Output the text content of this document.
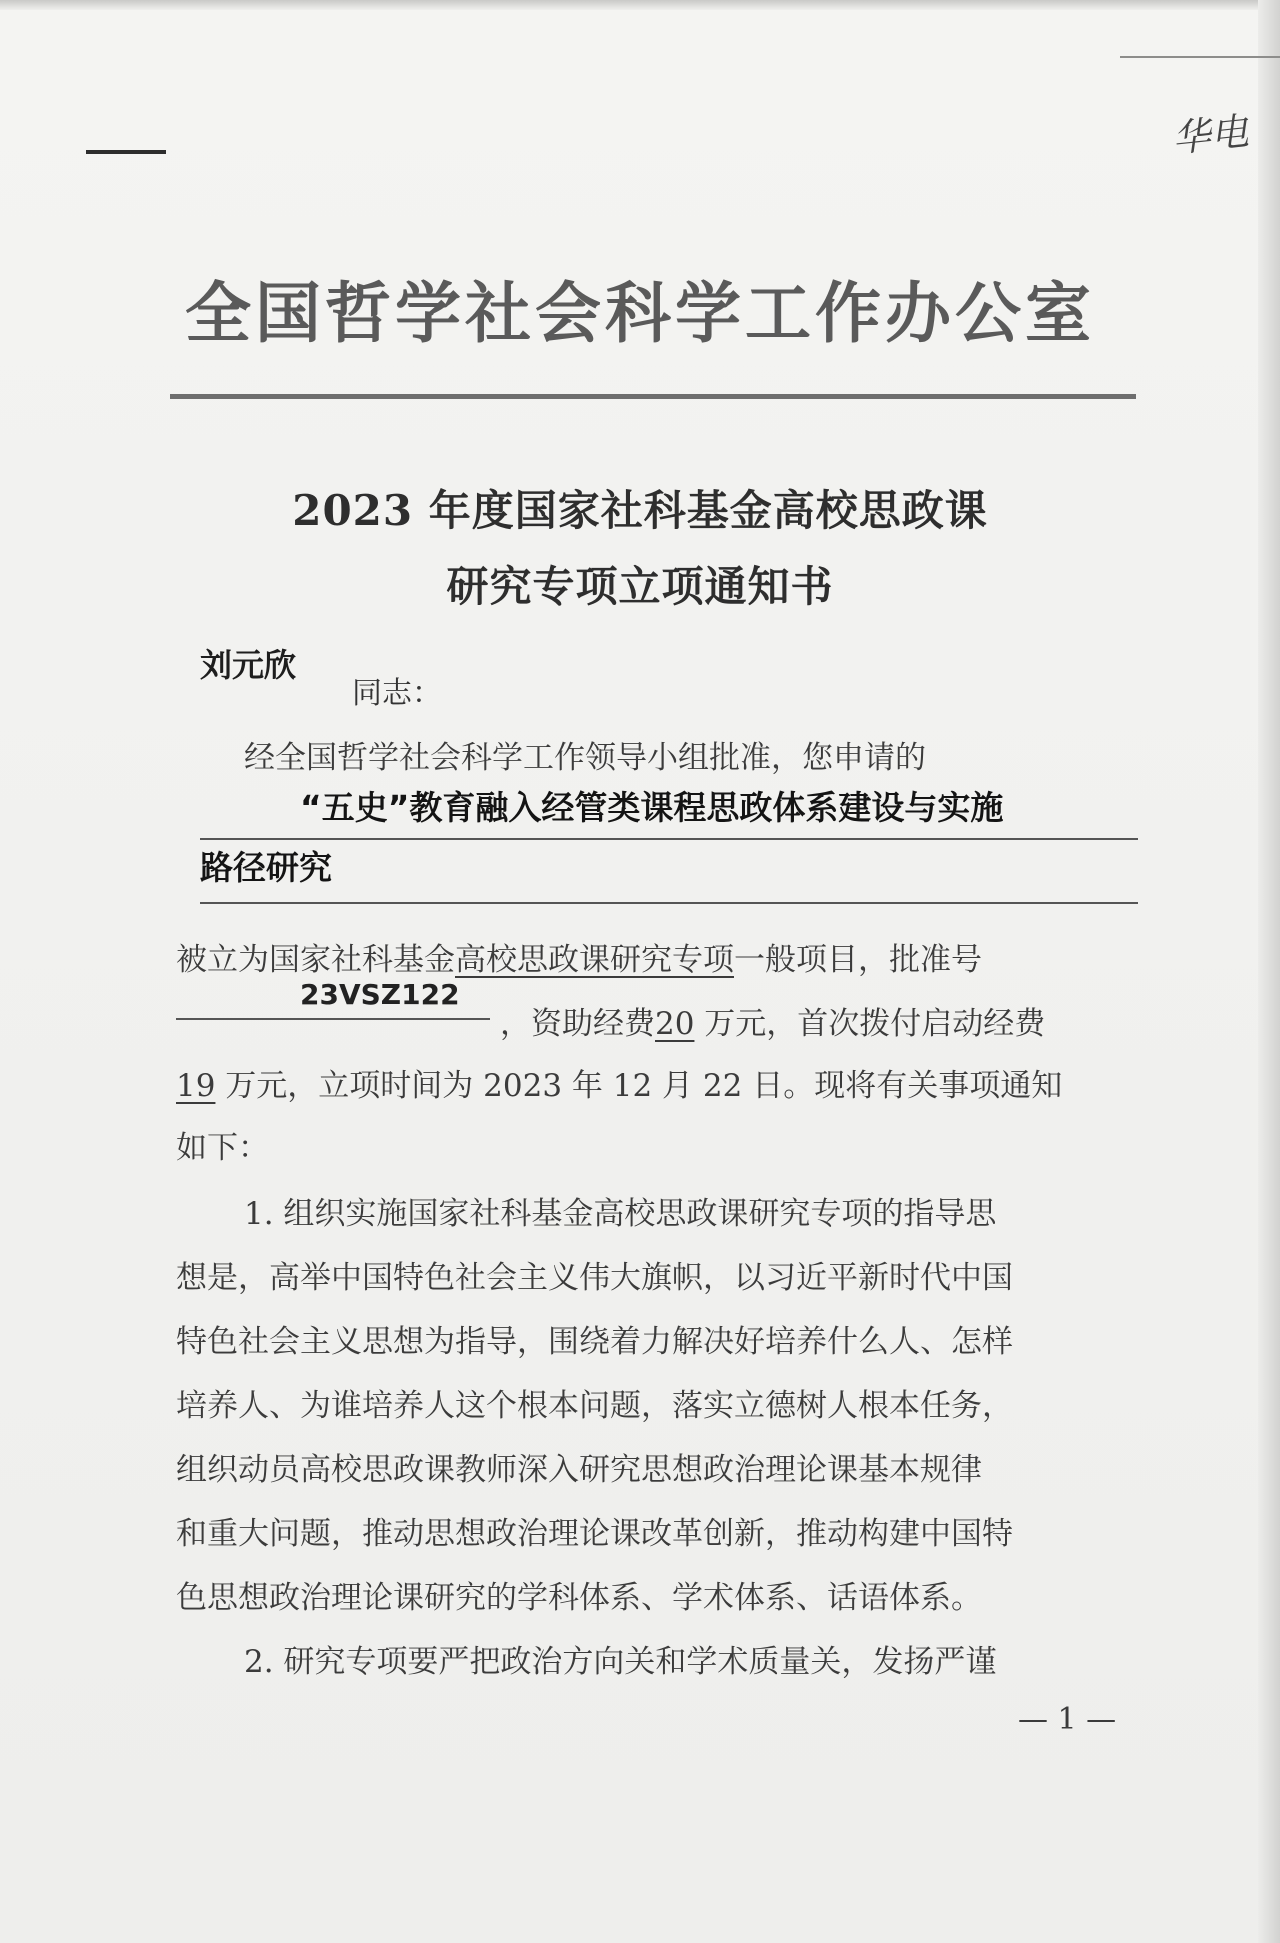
华电
全国哲学社会科学工作办公室
2023 年度国家社科基金高校思政课
研究专项立项通知书
刘元欣
同志：
经全国哲学社会科学工作领导小组批准，您申请的
“五史”教育融入经管类课程思政体系建设与实施
路径研究
被立为国家社科基金高校思政课研究专项一般项目，批准号
23VSZ122
，资助经费20 万元，首次拨付启动经费
19 万元，立项时间为 2023 年 12 月 22 日。现将有关事项通知
如下：
1. 组织实施国家社科基金高校思政课研究专项的指导思
想是，高举中国特色社会主义伟大旗帜，以习近平新时代中国
特色社会主义思想为指导，围绕着力解决好培养什么人、怎样
培养人、为谁培养人这个根本问题，落实立德树人根本任务，
组织动员高校思政课教师深入研究思想政治理论课基本规律
和重大问题，推动思想政治理论课改革创新，推动构建中国特
色思想政治理论课研究的学科体系、学术体系、话语体系。
2. 研究专项要严把政治方向关和学术质量关，发扬严谨
— 1 —
